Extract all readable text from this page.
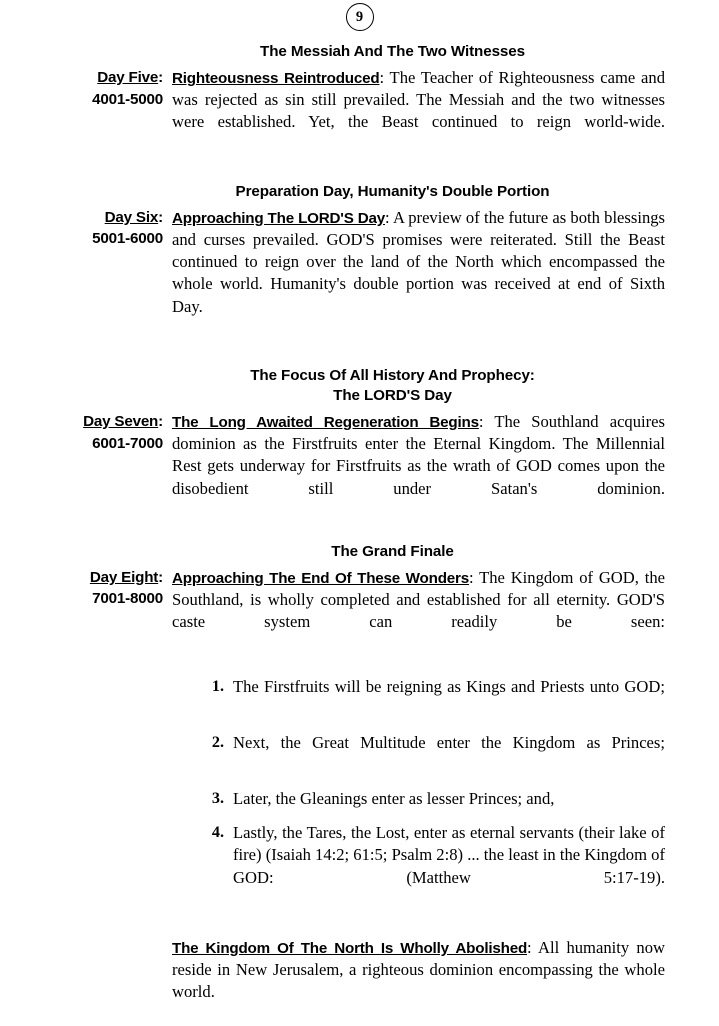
9
The Messiah And The Two Witnesses
Day Five:
4001-5000
Righteousness Reintroduced: The Teacher of Righteousness came and was rejected as sin still prevailed. The Messiah and the two witnesses were established. Yet, the Beast continued to reign world-wide.
Preparation Day, Humanity's Double Portion
Day Six:
5001-6000
Approaching The LORD'S Day: A preview of the future as both blessings and curses prevailed. GOD'S promises were reiterated. Still the Beast continued to reign over the land of the North which encompassed the whole world. Humanity's double portion was received at end of Sixth Day.
The Focus Of All History And Prophecy:
The LORD'S Day
Day Seven:
6001-7000
The Long Awaited Regeneration Begins: The Southland acquires dominion as the Firstfruits enter the Eternal Kingdom. The Millennial Rest gets underway for Firstfruits as the wrath of GOD comes upon the disobedient still under Satan's dominion.
The Grand Finale
Day Eight:
7001-8000
Approaching The End Of These Wonders: The Kingdom of GOD, the Southland, is wholly completed and established for all eternity. GOD'S caste system can readily be seen:
1. The Firstfruits will be reigning as Kings and Priests unto GOD;
2. Next, the Great Multitude enter the Kingdom as Princes;
3. Later, the Gleanings enter as lesser Princes; and,
4. Lastly, the Tares, the Lost, enter as eternal servants (their lake of fire) (Isaiah 14:2; 61:5; Psalm 2:8) ... the least in the Kingdom of GOD: (Matthew 5:17-19).
The Kingdom Of The North Is Wholly Abolished: All humanity now reside in New Jerusalem, a righteous dominion encompassing the whole world.
